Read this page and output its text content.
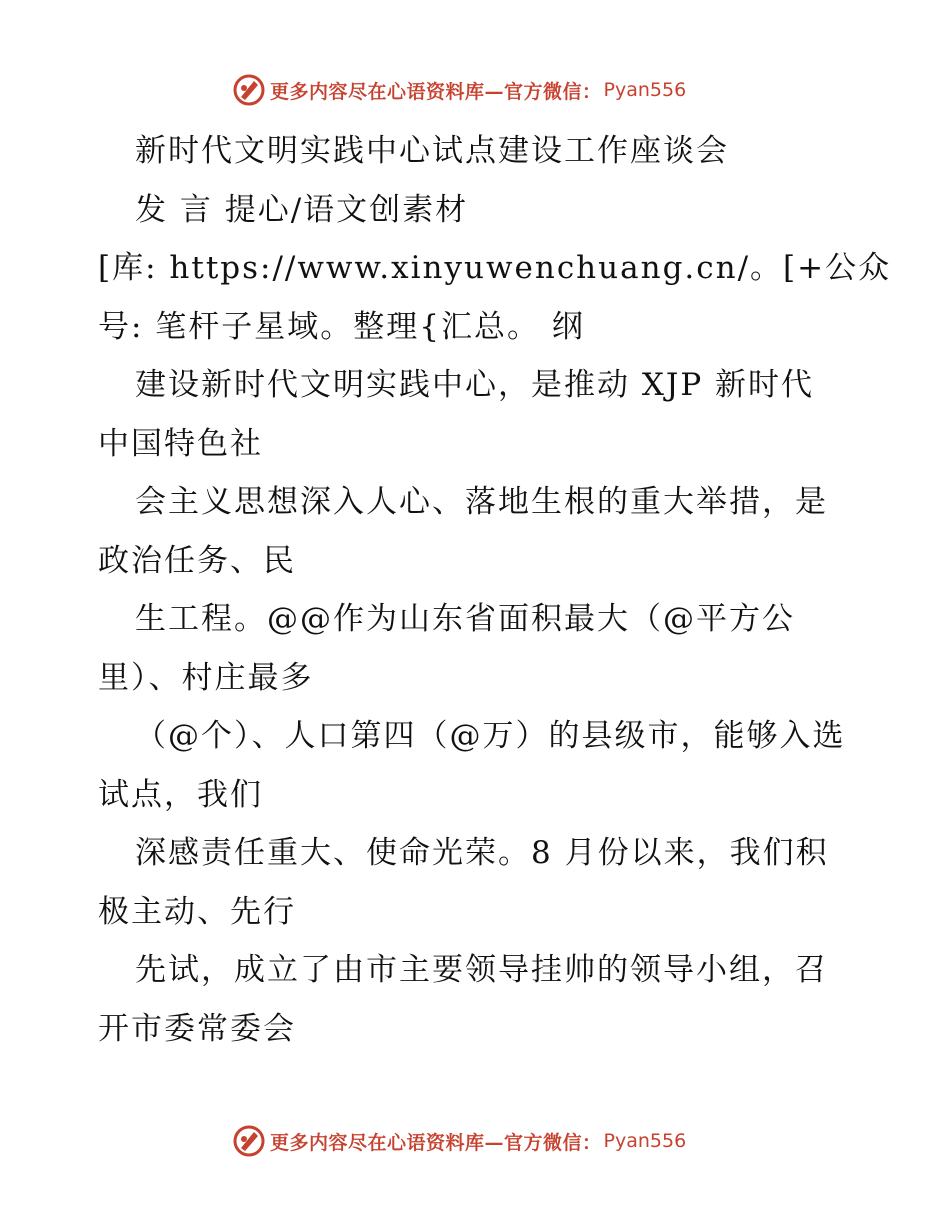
更多内容尽在心语资料库—官方微信： Pyan556
新时代文明实践中心试点建设工作座谈会
发 言 提心/语文创素材
[库: https://www.xinyuwenchuang.cn/。[+公众
号: 笔杆子星域。整理{汇总。 纲
建设新时代文明实践中心，是推动 XJP 新时代
中国特色社
会主义思想深入人心、落地生根的重大举措，是
政治任务、民
生工程。@@作为山东省面积最大（@平方公
里）、村庄最多
（@个）、人口第四（@万）的县级市，能够入选
试点，我们
深感责任重大、使命光荣。8 月份以来，我们积
极主动、先行
先试，成立了由市主要领导挂帅的领导小组，召
开市委常委会
更多内容尽在心语资料库—官方微信： Pyan556
